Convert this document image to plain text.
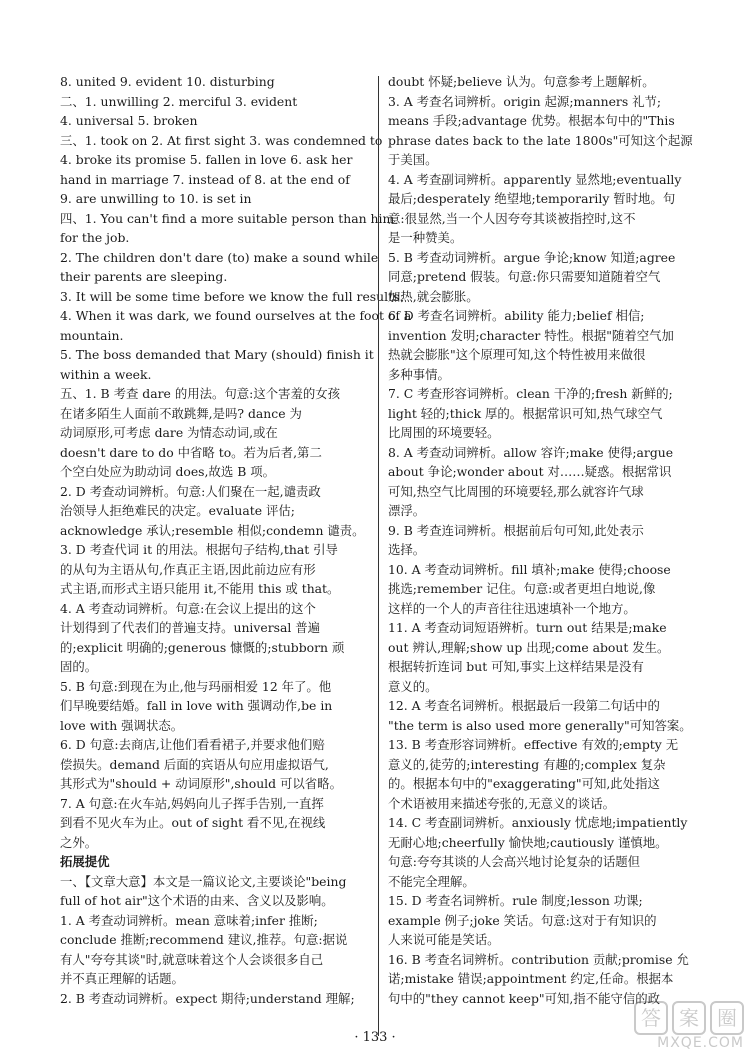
8. united 9. evident 10. disturbing
二、1. unwilling 2. merciful 3. evident
4. universal 5. broken
三、1. took on 2. At first sight 3. was condemned to
4. broke its promise 5. fallen in love 6. ask her
hand in marriage 7. instead of 8. at the end of
9. are unwilling to 10. is set in
四、1. You can't find a more suitable person than him
for the job.
2. The children don't dare (to) make a sound while
their parents are sleeping.
3. It will be some time before we know the full results.
4. When it was dark, we found ourselves at the foot of a
mountain.
5. The boss demanded that Mary (should) finish it
within a week.
五、1. B 考查 dare 的用法。句意:这个害羞的女孩
在诸多陌生人面前不敢跳舞,是吗? dance 为
动词原形,可考虑 dare 为情态动词,或在
doesn't dare to do 中省略 to。若为后者,第二
个空白处应为助动词 does,故选 B 项。
2. D 考查动词辨析。句意:人们聚在一起,谴责政
治领导人拒绝难民的决定。evaluate 评估;
acknowledge 承认;resemble 相似;condemn 谴责。
3. D 考查代词 it 的用法。根据句子结构,that 引导
的从句为主语从句,作真正主语,因此前边应有形
式主语,而形式主语只能用 it,不能用 this 或 that。
4. A 考查动词辨析。句意:在会议上提出的这个
计划得到了代表们的普遍支持。universal 普遍
的;explicit 明确的;generous 慷慨的;stubborn 顽
固的。
5. B 句意:到现在为止,他与玛丽相爱 12 年了。他
们早晚要结婚。fall in love with 强调动作,be in
love with 强调状态。
6. D 句意:去商店,让他们看看裙子,并要求他们赔
偿损失。demand 后面的宾语从句应用虚拟语气,
其形式为"should + 动词原形",should 可以省略。
7. A 句意:在火车站,妈妈向儿子挥手告别,一直挥
到看不见火车为止。out of sight 看不见,在视线
之外。
拓展提优
一、【文章大意】本文是一篇议论文,主要谈论"being
full of hot air"这个术语的由来、含义以及影响。
1. A 考查动词辨析。mean 意味着;infer 推断;
conclude 推断;recommend 建议,推荐。句意:据说
有人"夸夸其谈"时,就意味着这个人会谈很多自己
并不真正理解的话题。
2. B 考查动词辨析。expect 期待;understand 理解;
doubt 怀疑;believe 认为。句意参考上题解析。
3. A 考查名词辨析。origin 起源;manners 礼节;
means 手段;advantage 优势。根据本句中的"This
phrase dates back to the late 1800s"可知这个起源
于美国。
4. A 考查副词辨析。apparently 显然地;eventually
最后;desperately 绝望地;temporarily 暂时地。句
意:很显然,当一个人因夸夸其谈被指控时,这不
是一种赞美。
5. B 考查动词辨析。argue 争论;know 知道;agree
同意;pretend 假装。句意:你只需要知道随着空气
加热,就会膨胀。
6. D 考查名词辨析。ability 能力;belief 相信;
invention 发明;character 特性。根据"随着空气加
热就会膨胀"这个原理可知,这个特性被用来做很
多种事情。
7. C 考查形容词辨析。clean 干净的;fresh 新鲜的;
light 轻的;thick 厚的。根据常识可知,热气球空气
比周围的环境要轻。
8. A 考查动词辨析。allow 容许;make 使得;argue
about 争论;wonder about 对……疑惑。根据常识
可知,热空气比周围的环境要轻,那么就容许气球
漂浮。
9. B 考查连词辨析。根据前后句可知,此处表示
选择。
10. A 考查动词辨析。fill 填补;make 使得;choose
挑选;remember 记住。句意:或者更坦白地说,像
这样的一个人的声音往往迅速填补一个地方。
11. A 考查动词短语辨析。turn out 结果是;make
out 辨认,理解;show up 出现;come about 发生。
根据转折连词 but 可知,事实上这样结果是没有
意义的。
12. A 考查名词辨析。根据最后一段第二句话中的
"the term is also used more generally"可知答案。
13. B 考查形容词辨析。effective 有效的;empty 无
意义的,徒劳的;interesting 有趣的;complex 复杂
的。根据本句中的"exaggerating"可知,此处指这
个术语被用来描述夸张的,无意义的谈话。
14. C 考查副词辨析。anxiously 忧虑地;impatiently
无耐心地;cheerfully 愉快地;cautiously 谨慎地。
句意:夸夸其谈的人会高兴地讨论复杂的话题但
不能完全理解。
15. D 考查名词辨析。rule 制度;lesson 功课;
example 例子;joke 笑话。句意:这对于有知识的
人来说可能是笑话。
16. B 考查名词辨析。contribution 贡献;promise 允
诺;mistake 错误;appointment 约定,任命。根据本
句中的"they cannot keep"可知,指不能守信的政
· 133 ·
答 案 圈
MXQE.COM
